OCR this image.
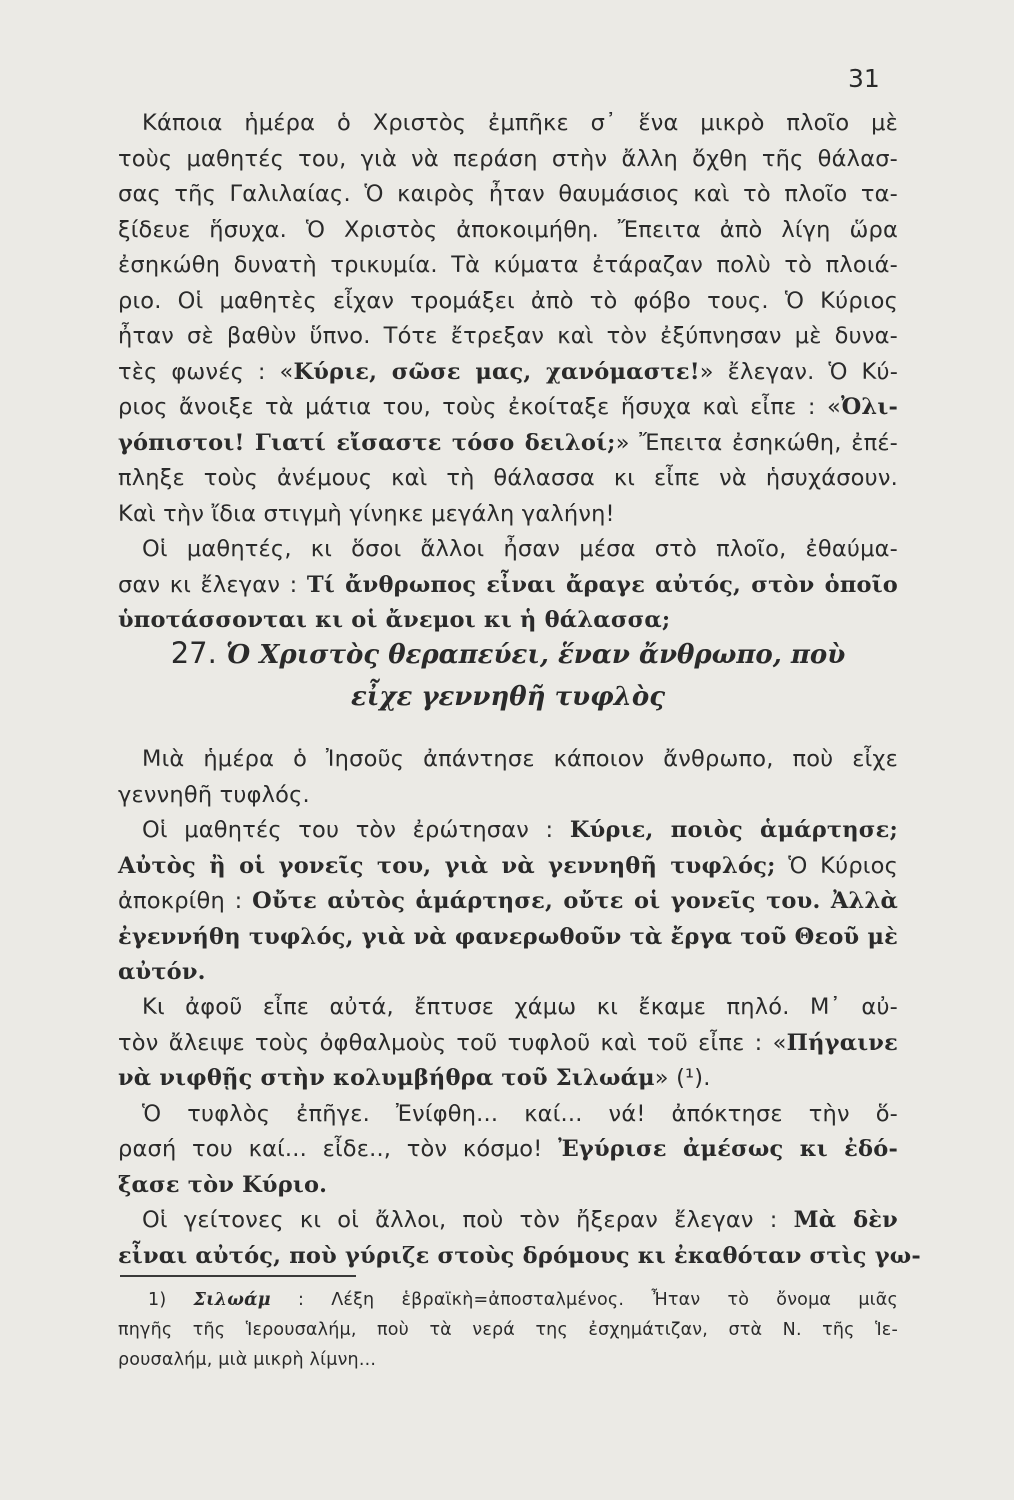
31

Κάποια ἡμέρα ὁ Χριστὸς ἐμπῆκε σ᾽ ἕνα μικρὸ πλοῖο μὲ
τοὺς μαθητές του, γιὰ νὰ περάση στὴν ἄλλη ὄχθη τῆς θάλασ-
σας τῆς Γαλιλαίας. Ὁ καιρὸς ἦταν θαυμάσιος καὶ τὸ πλοῖο τα-
ξίδευε ἥσυχα. Ὁ Χριστὸς ἀποκοιμήθη. Ἔπειτα ἀπὸ λίγη ὥρα
ἐσηκώθη δυνατὴ τρικυμία. Τὰ κύματα ἐτάραζαν πολὺ τὸ πλοιά-
ριο. Οἱ μαθητὲς εἶχαν τρομάξει ἀπὸ τὸ φόβο τους. Ὁ Κύριος
ἦταν σὲ βαθὺν ὕπνο. Τότε ἔτρεξαν καὶ τὸν ἐξύπνησαν μὲ δυνα-
τὲς φωνές : «Κύριε, σῶσε μας, χανόμαστε!» ἔλεγαν. Ὁ Κύ-
ριος ἄνοιξε τὰ μάτια του, τοὺς ἐκοίταξε ἥσυχα καὶ εἶπε : «Ὀλι-
γόπιστοι! Γιατί εἴσαστε τόσο δειλοί;» Ἔπειτα ἐσηκώθη, ἐπέ-
πληξε τοὺς ἀνέμους καὶ τὴ θάλασσα κι εἶπε νὰ ἡσυχάσουν.
Καὶ τὴν ἴδια στιγμὴ γίνηκε μεγάλη γαλήνη!

Οἱ μαθητές, κι ὅσοι ἄλλοι ἦσαν μέσα στὸ πλοῖο, ἐθαύμα-
σαν κι ἔλεγαν : Τί ἄνθρωπος εἶναι ἄραγε αὐτός, στὸν ὁποῖο
ὑποτάσσονται κι οἱ ἄνεμοι κι ἡ θάλασσα;

27. Ὁ Χριστὸς θεραπεύει, ἕναν ἄνθρωπο, ποὺ
εἶχε γεννηθῆ τυφλὸς

Μιὰ ἡμέρα ὁ Ἰησοῦς ἀπάντησε κάποιον ἄνθρωπο, ποὺ εἶχε
γεννηθῆ τυφλός.
Οἱ μαθητές του τὸν ἐρώτησαν : Κύριε, ποιὸς ἁμάρτησε;
Αὐτὸς ἢ οἱ γονεῖς του, γιὰ νὰ γεννηθῆ τυφλός; Ὁ Κύριος
ἀποκρίθη : Οὔτε αὐτὸς ἁμάρτησε, οὔτε οἱ γονεῖς του. Ἀλλὰ
ἐγεννήθη τυφλός, γιὰ νὰ φανερωθοῦν τὰ ἔργα τοῦ Θεοῦ μὲ
αὐτόν.

Κι ἀφοῦ εἶπε αὐτά, ἔπτυσε χάμω κι ἔκαμε πηλό. Μ᾽ αὐ-
τὸν ἄλειψε τοὺς ὀφθαλμοὺς τοῦ τυφλοῦ καὶ τοῦ εἶπε : «Πήγαινε
νὰ νιφθῇς στὴν κολυμβήθρα τοῦ Σιλωάμ» (¹).
Ὁ τυφλὸς ἐπῆγε. Ἐνίφθη... καί... νά! ἀπόκτησε τὴν ὅ-
ρασή του καί... εἶδε.., τὸν κόσμο! Ἐγύρισε ἀμέσως κι ἐδό-
ξασε τὸν Κύριο.

Οἱ γείτονες κι οἱ ἄλλοι, ποὺ τὸν ἤξεραν ἔλεγαν : Μὰ δὲν
εἶναι αὐτός, ποὺ γύριζε στοὺς δρόμους κι ἐκαθόταν στὶς γω-

1) Σιλωάμ : Λέξη ἑβραϊκὴ=ἀποσταλμένος. Ἦταν τὸ ὄνομα μιᾶς
πηγῆς τῆς Ἱερουσαλήμ, ποὺ τὰ νερά της ἐσχημάτιζαν, στὰ Ν. τῆς Ἱε-
ρουσαλήμ, μιὰ μικρὴ λίμνη...
